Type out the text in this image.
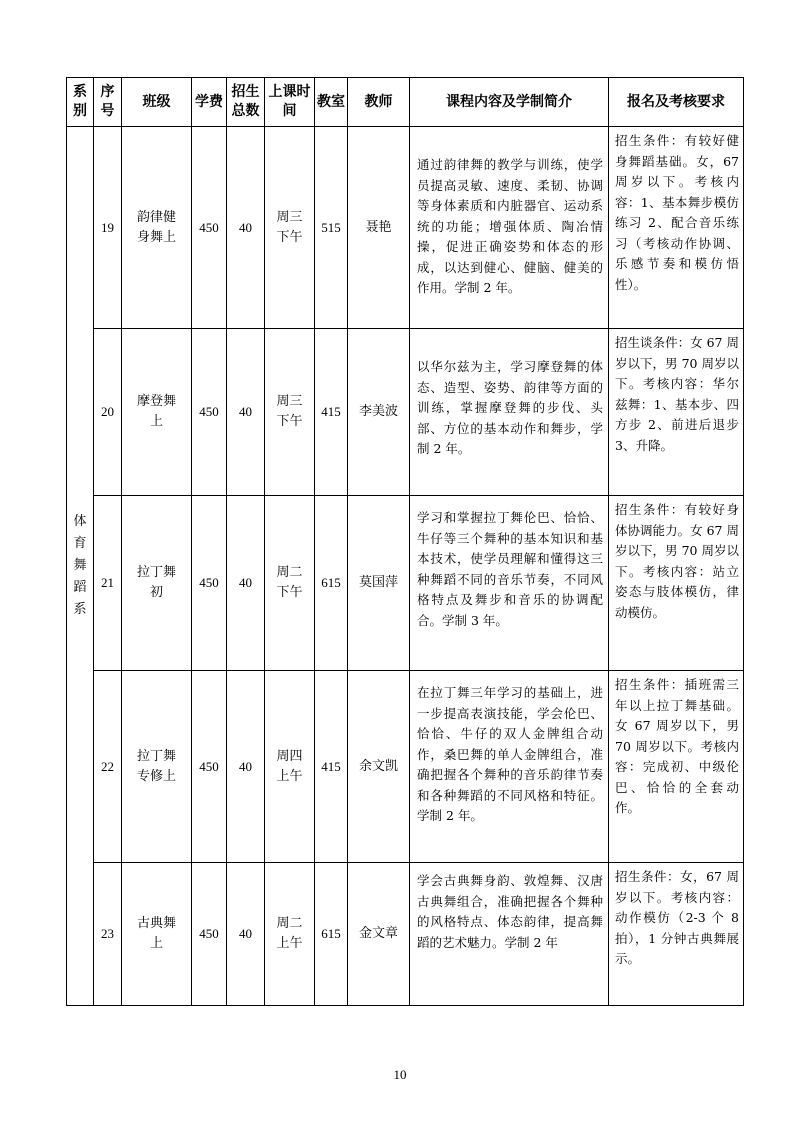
系别	序号	班级	学费	招生总数	上课时间	教室	教师	课程内容及学制简介	报名及考核要求
体育舞蹈系	19	韵律健身舞上	450	40	周三下午	515	聂艳	通过韵律舞的教学与训练，使学员提高灵敏、速度、柔韧、协调等身体素质和内脏器官、运动系统的功能；增强体质、陶冶情操，促进正确姿势和体态的形成，以达到健心、健脑、健美的作用。学制 2 年。	招生条件：有较好健身舞蹈基础。女，67 周岁以下。考核内容：1、基本舞步模仿练习 2、配合音乐练习（考核动作协调、乐感节奏和模仿悟性）。
	20	摩登舞上	450	40	周三下午	415	李美波	以华尔兹为主，学习摩登舞的体态、造型、姿势、韵律等方面的训练，掌握摩登舞的步伐、头部、方位的基本动作和舞步，学制 2 年。	招生谈条件：女 67 周岁以下，男 70 周岁以下。考核内容：华尔兹舞：1、基本步、四方步 2、前进后退步 3、升降。
	21	拉丁舞初	450	40	周二下午	615	莫国萍	学习和掌握拉丁舞伦巴、恰恰、牛仔等三个舞种的基本知识和基本技术，使学员理解和懂得这三种舞蹈不同的音乐节奏，不同风格特点及舞步和音乐的协调配合。学制 3 年。	招生条件：有较好身体协调能力。女 67 周岁以下，男 70 周岁以下。考核内容：站立姿态与肢体模仿，律动模仿。
	22	拉丁舞专修上	450	40	周四上午	415	余文凯	在拉丁舞三年学习的基础上，进一步提高表演技能，学会伦巴、恰恰、牛仔的双人金牌组合动作，桑巴舞的单人金牌组合，准确把握各个舞种的音乐韵律节奏和各种舞蹈的不同风格和特征。学制 2 年。	招生条件：插班需三年以上拉丁舞基础。女 67 周岁以下，男 70 周岁以下。考核内容：完成初、中级伦巴、恰恰的全套动作。
	23	古典舞上	450	40	周二上午	615	金文章	学会古典舞身韵、敦煌舞、汉唐古典舞组合，准确把握各个舞种的风格特点、体态韵律，提高舞蹈的艺术魅力。学制 2 年	招生条件：女，67 周岁以下。考核内容：动作模仿（2-3 个 8 拍），1 分钟古典舞展示。
10
